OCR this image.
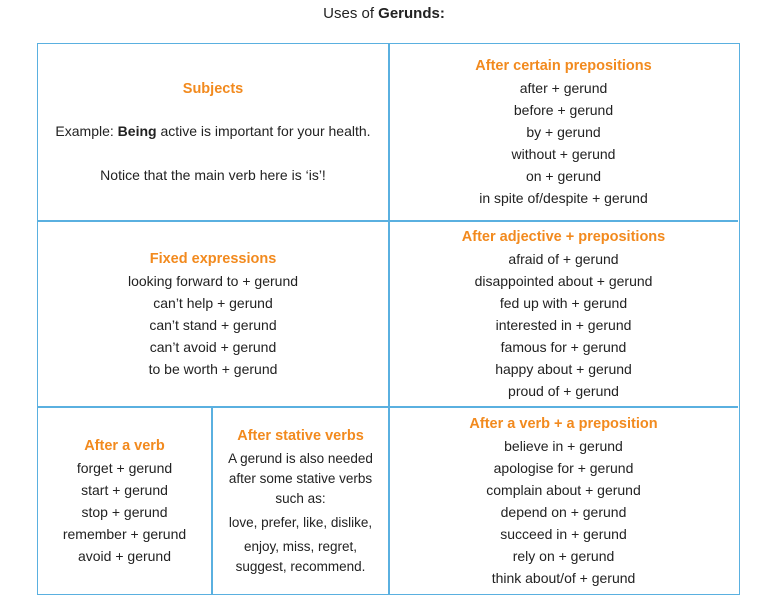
Uses of Gerunds:
Subjects
Example: Being active is important for your health.
Notice that the main verb here is ‘is’!
After certain prepositions
after + gerund
before + gerund
by + gerund
without + gerund
on + gerund
in spite of/despite + gerund
Fixed expressions
looking forward to + gerund
can’t help + gerund
can’t stand + gerund
can’t avoid + gerund
to be worth + gerund
After adjective + prepositions
afraid of + gerund
disappointed about + gerund
fed up with + gerund
interested in + gerund
famous for + gerund
happy about + gerund
proud of + gerund
After a verb
forget + gerund
start + gerund
stop + gerund
remember + gerund
avoid + gerund
After stative verbs
A gerund is also needed
after some stative verbs
such as:
love, prefer, like, dislike,
enjoy, miss, regret,
suggest, recommend.
After a verb + a preposition
believe in + gerund
apologise for + gerund
complain about + gerund
depend on + gerund
succeed in + gerund
rely on + gerund
think about/of + gerund
